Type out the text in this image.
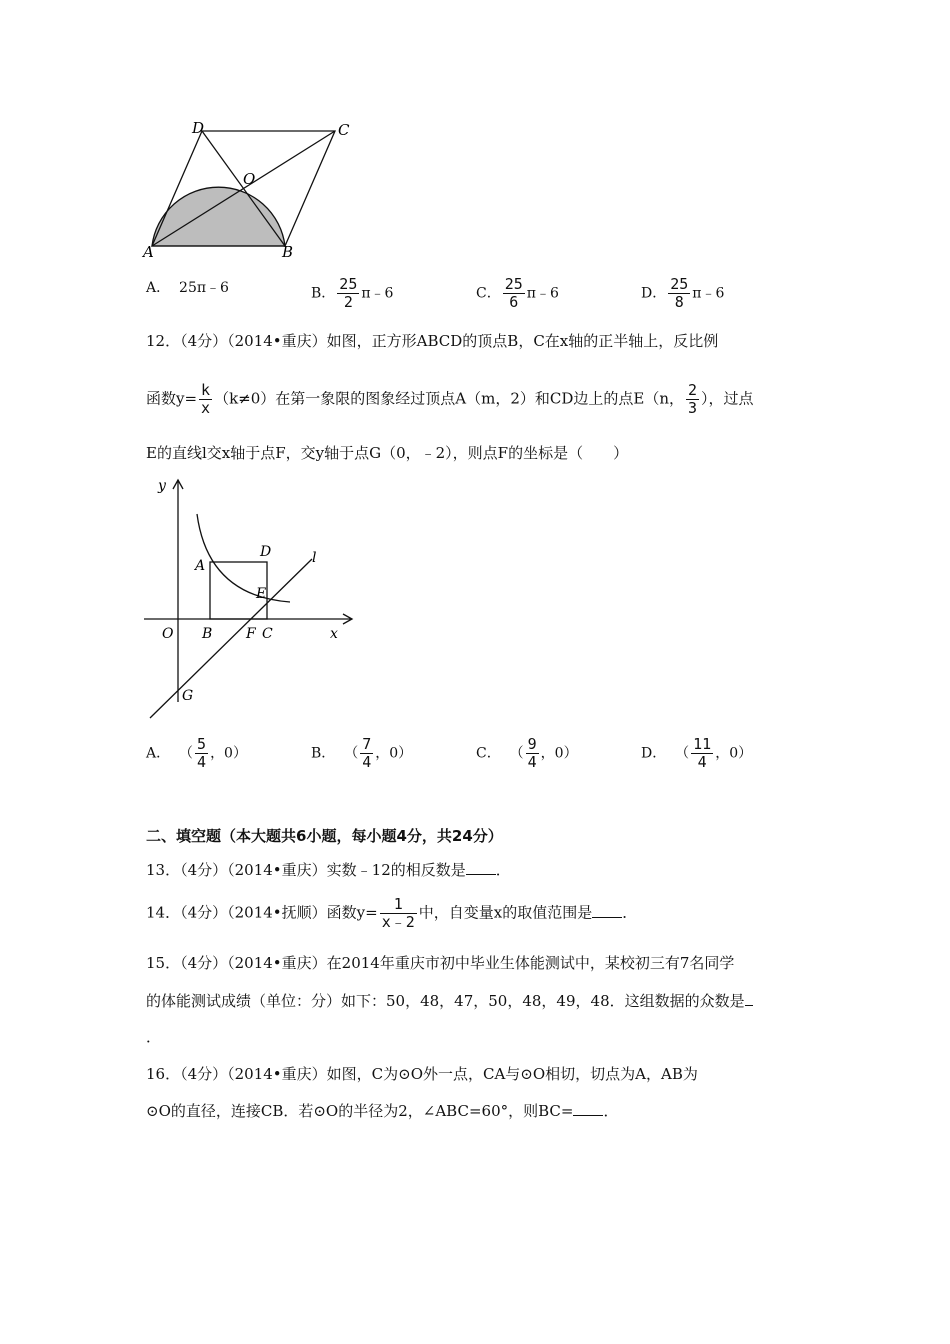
A	B
C
D
O
A． 25π﹣6	B． $\frac{25}{2}$ π﹣6	C． $\frac{25}{6}$ π﹣6	D． $\frac{25}{8}$ π﹣6
12．（4分）（2014•重庆）如图，正方形ABCD的顶点B，C在x轴的正半轴上，反比例
函数$y= \frac{k}{x} (k\ne 0)$在第一象限的图象经过顶点A（m，2）和CD边上的点E（n， $\frac{2}{3}$ ），过点
E的直线l交x轴于点F，交y轴于点G（0，﹣2），则点F的坐标是（　　）
y
x
O
A
B	C
D
E
F
G
l
A． （ $\frac{5}{4}$ ，0）	B． （ $\frac{7}{4}$ ，0）	C． （ $\frac{9}{4}$ ，0）	D． （ $\frac{11}{4}$ ，0）
二、填空题（本大题共6小题，每小题4分，共24分）
13．（4分）（2014•重庆）实数﹣12的相反数是 ．
14．（4分）（2014•抚顺）函数$y= \frac{1}{x﹣2}$ 中，自变量x的取值范围是 ．
15．（4分）（2014•重庆）在2014年重庆市初中毕业生体能测试中，某校初三有7名同学
的体能测试成绩（单位：分）如下：50，48，47，50，48，49，48．这组数据的众数是
．
16．（4分）（2014•重庆）如图，C为⊙O外一点，CA与⊙O相切，切点为A，AB为
⊙O的直径，连接CB．若⊙O的半径为2，∠ABC=60°，则BC= ．
